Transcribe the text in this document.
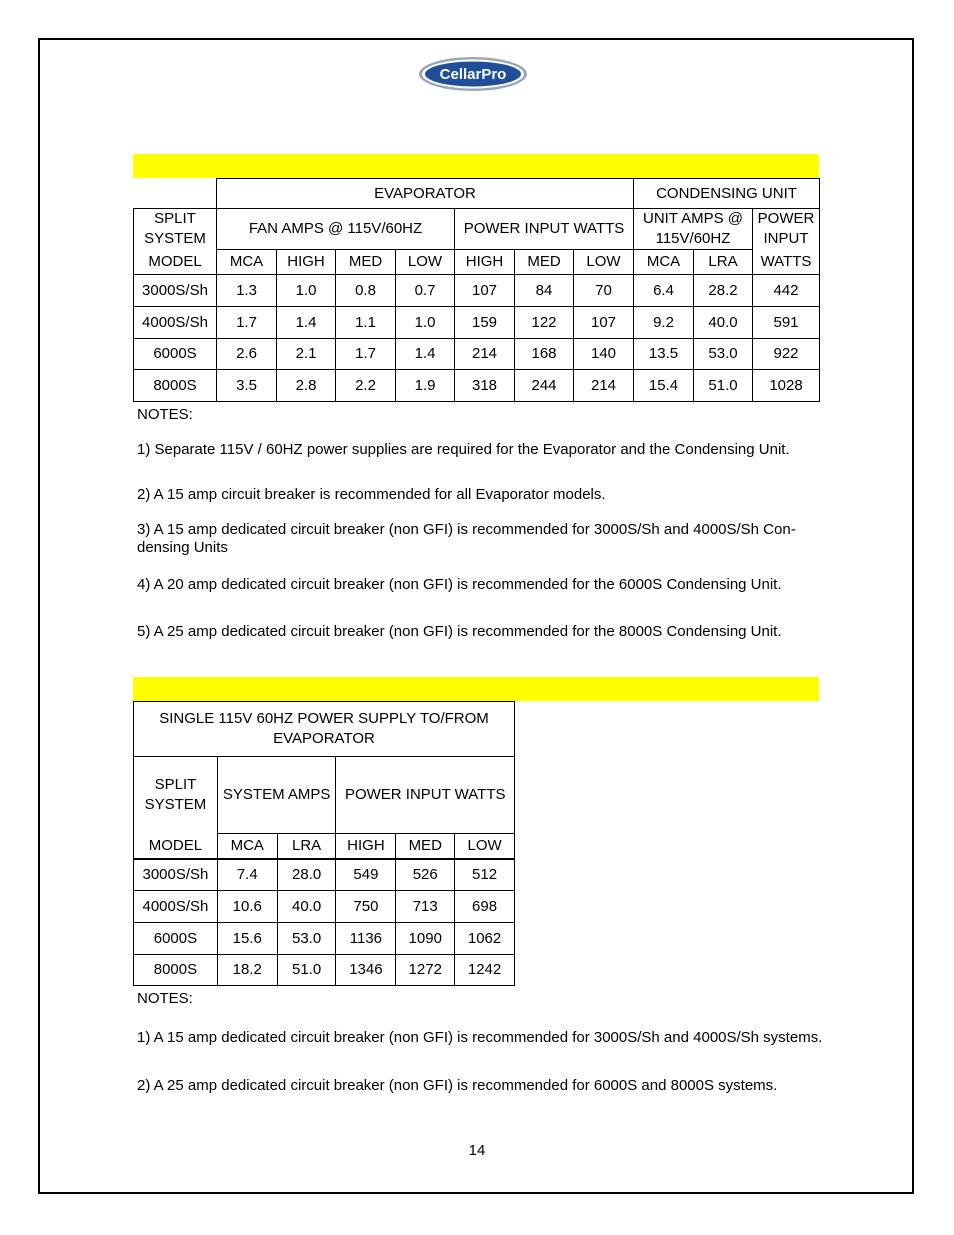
CellarPro
	EVAPORATOR							CONDENSING UNIT		
SPLIT SYSTEM	FAN AMPS @ 115V/60HZ				POWER INPUT WATTS			UNIT AMPS @ 115V/60HZ		POWER INPUT
MODEL	MCA	HIGH	MED	LOW	HIGH	MED	LOW	MCA	LRA	WATTS
3000S/Sh	1.3	1.0	0.8	0.7	107	84	70	6.4	28.2	442
4000S/Sh	1.7	1.4	1.1	1.0	159	122	107	9.2	40.0	591
6000S	2.6	2.1	1.7	1.4	214	168	140	13.5	53.0	922
8000S	3.5	2.8	2.2	1.9	318	244	214	15.4	51.0	1028
NOTES:
1) Separate 115V / 60HZ power supplies are required for the Evaporator and the Condensing Unit.
2) A 15 amp circuit breaker is recommended for all Evaporator models.
3) A 15 amp dedicated circuit breaker (non GFI) is recommended for 3000S/Sh and 4000S/Sh Con-
densing Units
4) A 20 amp dedicated circuit breaker (non GFI) is recommended for the 6000S Condensing Unit.
5) A 25 amp dedicated circuit breaker (non GFI) is recommended for the 8000S Condensing Unit.
SINGLE 115V 60HZ POWER SUPPLY TO/FROM EVAPORATOR					
SPLIT SYSTEM	SYSTEM AMPS		POWER INPUT WATTS		
MODEL	MCA	LRA	HIGH	MED	LOW
3000S/Sh	7.4	28.0	549	526	512
4000S/Sh	10.6	40.0	750	713	698
6000S	15.6	53.0	1136	1090	1062
8000S	18.2	51.0	1346	1272	1242
NOTES:
1) A 15 amp dedicated circuit breaker (non GFI) is recommended for 3000S/Sh and 4000S/Sh systems.
2) A 25 amp dedicated circuit breaker (non GFI) is recommended for 6000S and 8000S systems.
14
